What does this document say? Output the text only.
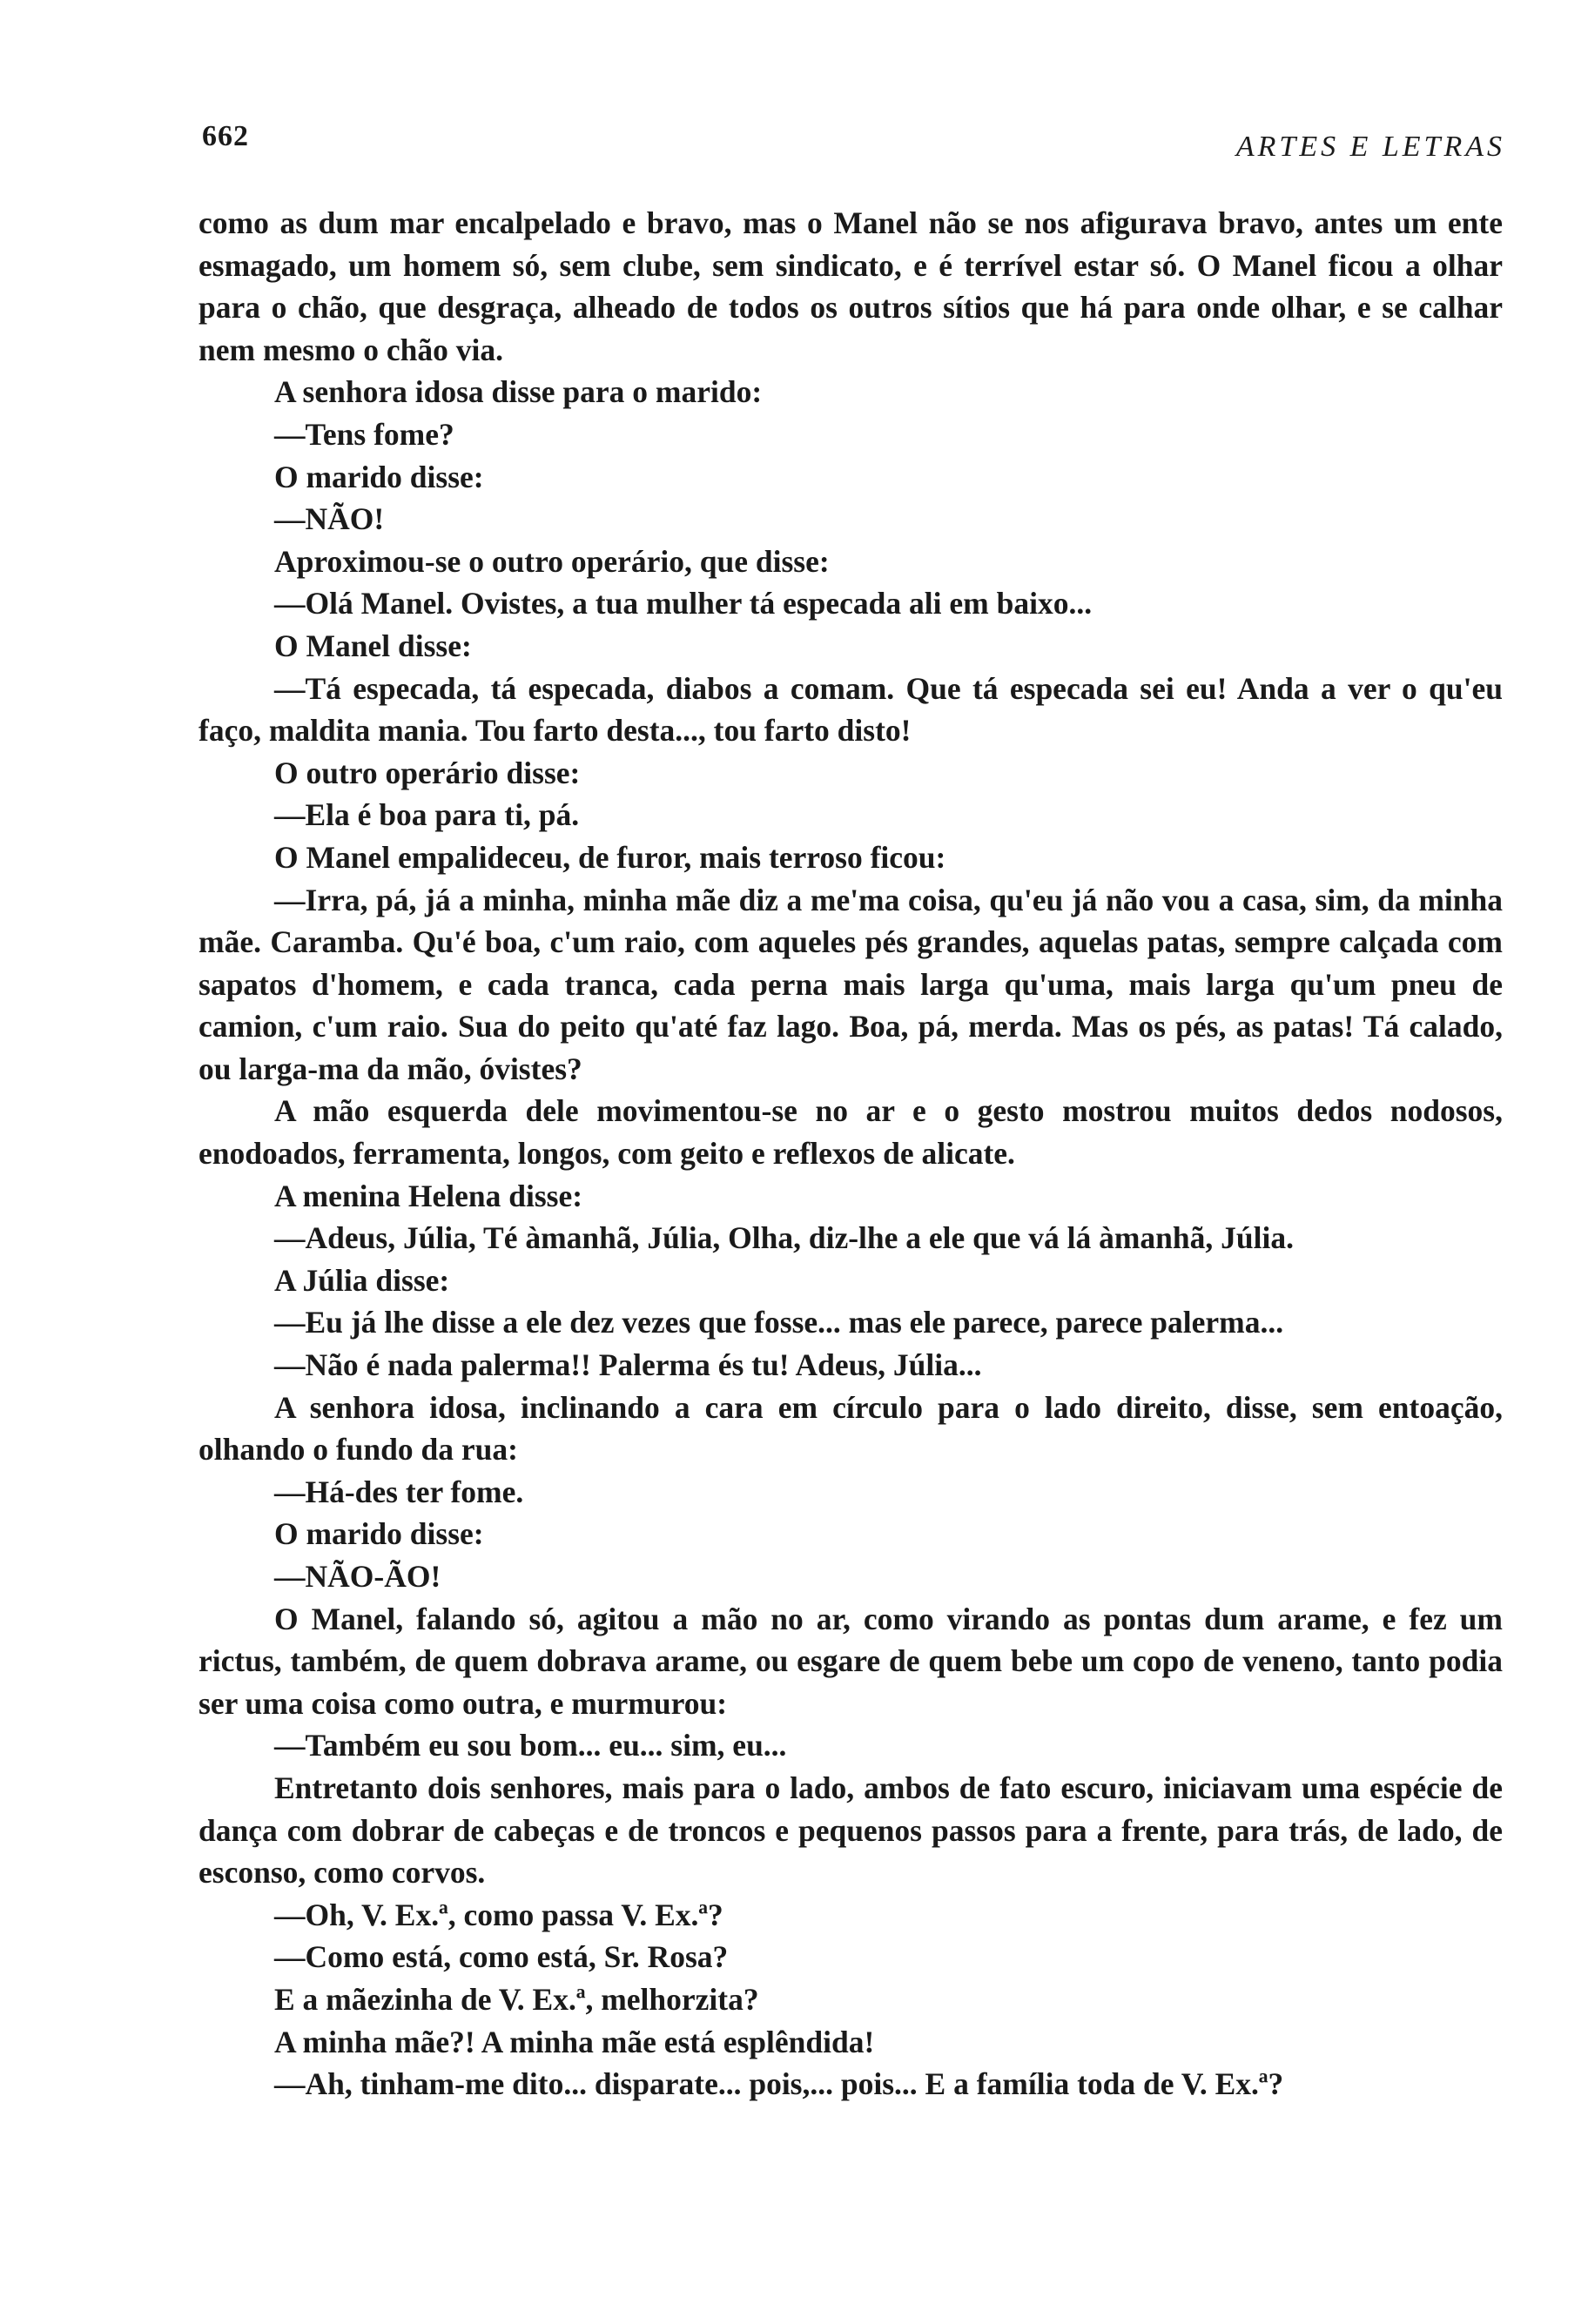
662	ARTES E LETRAS

como as dum mar encalpelado e bravo, mas o Manel não se nos afigurava bravo, antes um ente esmagado, um homem só, sem clube, sem sindicato, e é terrível estar só. O Manel ficou a olhar para o chão, que desgraça, alheado de todos os outros sítios que há para onde olhar, e se calhar nem mesmo o chão via.

A senhora idosa disse para o marido:

—Tens fome?

O marido disse:

—NÃO!

Aproximou-se o outro operário, que disse:

—Olá Manel. Ovistes, a tua mulher tá especada ali em baixo...

O Manel disse:

—Tá especada, tá especada, diabos a comam. Que tá especada sei eu! Anda a ver o qu'eu faço, maldita mania. Tou farto desta..., tou farto disto!

O outro operário disse:

—Ela é boa para ti, pá.

O Manel empalideceu, de furor, mais terroso ficou:

—Irra, pá, já a minha, minha mãe diz a me'ma coisa, qu'eu já não vou a casa, sim, da minha mãe. Caramba. Qu'é boa, c'um raio, com aqueles pés grandes, aquelas patas, sempre calçada com sapatos d'homem, e cada tranca, cada perna mais larga qu'uma, mais larga qu'um pneu de camion, c'um raio. Sua do peito qu'até faz lago. Boa, pá, merda. Mas os pés, as patas! Tá calado, ou larga-ma da mão, óvistes?

A mão esquerda dele movimentou-se no ar e o gesto mostrou muitos dedos nodosos, enodoados, ferramenta, longos, com geito e reflexos de alicate.

A menina Helena disse:

—Adeus, Júlia, Té àmanhã, Júlia, Olha, diz-lhe a ele que vá lá àmanhã, Júlia.

A Júlia disse:

—Eu já lhe disse a ele dez vezes que fosse... mas ele parece, parece palerma...

—Não é nada palerma!! Palerma és tu! Adeus, Júlia...

A senhora idosa, inclinando a cara em círculo para o lado direito, disse, sem entoação, olhando o fundo da rua:

—Há-des ter fome.

O marido disse:

—NÃO-ÃO!

O Manel, falando só, agitou a mão no ar, como virando as pontas dum arame, e fez um rictus, também, de quem dobrava arame, ou esgare de quem bebe um copo de veneno, tanto podia ser uma coisa como outra, e murmurou:

—Também eu sou bom... eu... sim, eu...

Entretanto dois senhores, mais para o lado, ambos de fato escuro, iniciavam uma espécie de dança com dobrar de cabeças e de troncos e pequenos passos para a frente, para trás, de lado, de esconso, como corvos.

—Oh, V. Ex.ª, como passa V. Ex.ª?

—Como está, como está, Sr. Rosa?

E a mãezinha de V. Ex.ª, melhorzita?

A minha mãe?! A minha mãe está esplêndida!

—Ah, tinham-me dito... disparate... pois,... pois... E a família toda de V. Ex.ª?
